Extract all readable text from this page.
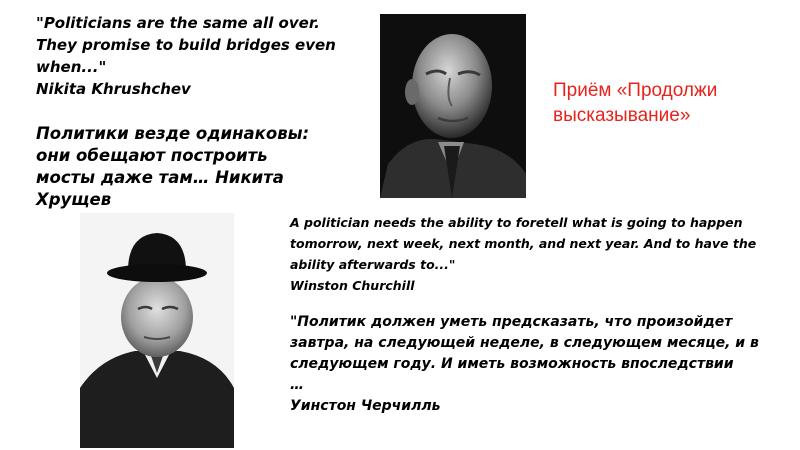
"Politicians are the same all over.
They promise to build bridges even
when..."
Nikita Khrushchev
Политики везде одинаковы:
они обещают построить
мосты даже там… Никита
Хрущев
Приём «Продолжи
высказывание»
A politician needs the ability to foretell what is going to happen
tomorrow, next week, next month, and next year. And to have the
ability afterwards to..."
Winston Churchill
"Политик должен уметь предсказать, что произойдет
завтра, на следующей неделе, в следующем месяце, и в
следующем году. И иметь возможность впоследствии
…
Уинстон Черчилль
